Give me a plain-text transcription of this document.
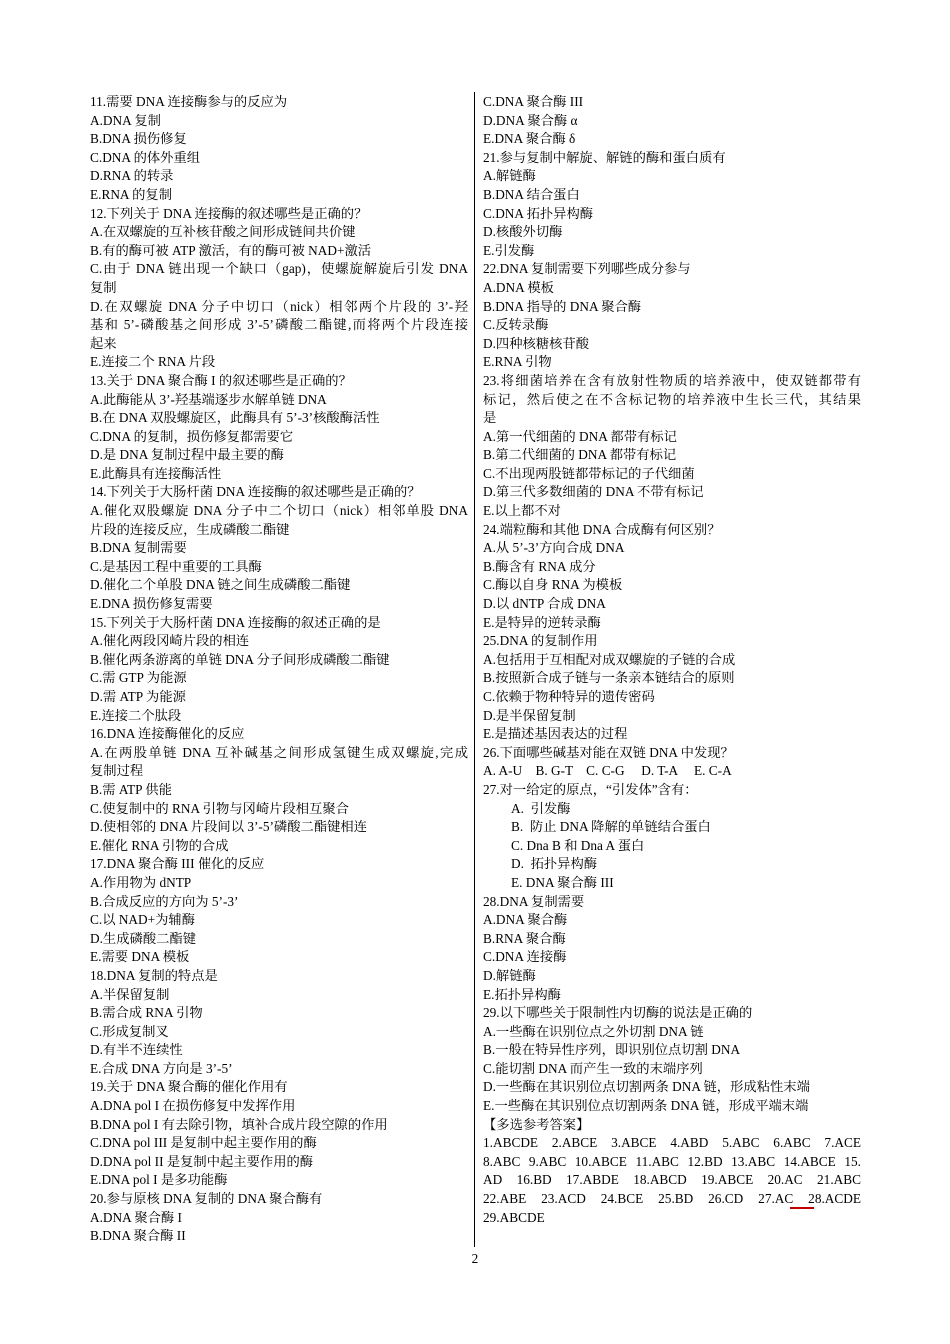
11.需要 DNA 连接酶参与的反应为
A.DNA 复制
B.DNA 损伤修复
C.DNA 的体外重组
D.RNA 的转录
E.RNA 的复制
12.下列关于 DNA 连接酶的叙述哪些是正确的？
A.在双螺旋的互补核苷酸之间形成链间共价键
B.有的酶可被 ATP 激活，有的酶可被 NAD+激活
C.由于 DNA 链出现一个缺口（gap)，使螺旋解旋后引发 DNA
复制
D.在双螺旋 DNA 分子中切口（nick）相邻两个片段的 3’-羟
基和 5’-磷酸基之间形成 3’-5’磷酸二酯键,而将两个片段连接
起来
E.连接二个 RNA 片段
13.关于 DNA 聚合酶 I 的叙述哪些是正确的？
A.此酶能从 3’-羟基端逐步水解单链 DNA
B.在 DNA 双股螺旋区，此酶具有 5’-3’核酸酶活性
C.DNA 的复制，损伤修复都需要它
D.是 DNA 复制过程中最主要的酶
E.此酶具有连接酶活性
14.下列关于大肠杆菌 DNA 连接酶的叙述哪些是正确的？
A.催化双股螺旋 DNA 分子中二个切口（nick）相邻单股 DNA
片段的连接反应，生成磷酸二酯键
B.DNA 复制需要
C.是基因工程中重要的工具酶
D.催化二个单股 DNA 链之间生成磷酸二酯键
E.DNA 损伤修复需要
15.下列关于大肠杆菌 DNA 连接酶的叙述正确的是
A.催化两段冈崎片段的相连
B.催化两条游离的单链 DNA 分子间形成磷酸二酯键
C.需 GTP 为能源
D.需 ATP 为能源
E.连接二个肽段
16.DNA 连接酶催化的反应
A.在两股单链 DNA 互补碱基之间形成氢键生成双螺旋,完成
复制过程
B.需 ATP 供能
C.使复制中的 RNA 引物与冈崎片段相互聚合
D.使相邻的 DNA 片段间以 3’-5’磷酸二酯键相连
E.催化 RNA 引物的合成
17.DNA 聚合酶 III 催化的反应
A.作用物为 dNTP
B.合成反应的方向为 5’-3’
C.以 NAD+为辅酶
D.生成磷酸二酯键
E.需要 DNA 模板
18.DNA 复制的特点是
A.半保留复制
B.需合成 RNA 引物
C.形成复制叉
D.有半不连续性
E.合成 DNA 方向是 3’-5’
19.关于 DNA 聚合酶的催化作用有
A.DNA pol I 在损伤修复中发挥作用
B.DNA pol I 有去除引物，填补合成片段空隙的作用
C.DNA pol III 是复制中起主要作用的酶
D.DNA pol II 是复制中起主要作用的酶
E.DNA pol I 是多功能酶
20.参与原核 DNA 复制的 DNA 聚合酶有
A.DNA 聚合酶 I
B.DNA 聚合酶 II
C.DNA 聚合酶 III
D.DNA 聚合酶 α
E.DNA 聚合酶 δ
21.参与复制中解旋、解链的酶和蛋白质有
A.解链酶
B.DNA 结合蛋白
C.DNA 拓扑异构酶
D.核酸外切酶
E.引发酶
22.DNA 复制需要下列哪些成分参与
A.DNA 模板
B.DNA 指导的 DNA 聚合酶
C.反转录酶
D.四种核糖核苷酸
E.RNA 引物
23.将细菌培养在含有放射性物质的培养液中，使双链都带有
标记，然后使之在不含标记物的培养液中生长三代，其结果
是
A.第一代细菌的 DNA 都带有标记
B.第二代细菌的 DNA 都带有标记
C.不出现两股链都带标记的子代细菌
D.第三代多数细菌的 DNA 不带有标记
E.以上都不对
24.端粒酶和其他 DNA 合成酶有何区别？
A.从 5’-3’方向合成 DNA
B.酶含有 RNA 成分
C.酶以自身 RNA 为模板
D.以 dNTP 合成 DNA
E.是特异的逆转录酶
25.DNA 的复制作用
A.包括用于互相配对成双螺旋的子链的合成
B.按照新合成子链与一条亲本链结合的原则
C.依赖于物种特异的遗传密码
D.是半保留复制
E.是描述基因表达的过程
26.下面哪些碱基对能在双链 DNA 中发现？
A. A-U    B. G-T    C. C-G     D. T-A     E. C-A
27.对一给定的原点，“引发体”含有：
A.  引发酶
B.  防止 DNA 降解的单链结合蛋白
C. Dna B 和 Dna A 蛋白
D.  拓扑异构酶
E. DNA 聚合酶 III
28.DNA 复制需要
A.DNA 聚合酶
B.RNA 聚合酶
C.DNA 连接酶
D.解链酶
E.拓扑异构酶
29.以下哪些关于限制性内切酶的说法是正确的
A.一些酶在识别位点之外切割 DNA 链
B.一般在特异性序列，即识别位点切割 DNA
C.能切割 DNA 而产生一致的末端序列
D.一些酶在其识别位点切割两条 DNA 链，形成粘性末端
E.一些酶在其识别位点切割两条 DNA 链，形成平端末端
【多选参考答案】
1.ABCDE 2.ABCE 3.ABCE 4.ABD 5.ABC 6.ABC 7.ACE
8.ABC 9.ABC 10.ABCE 11.ABC 12.BD 13.ABC 14.ABCE 15.
AD 16.BD 17.ABDE 18.ABCD 19.ABCE 20.AC 21.ABC
22.ABE 23.ACD 24.BCE 25.BD 26.CD 27.AC 28.ACDE
29.ABCDE
2
